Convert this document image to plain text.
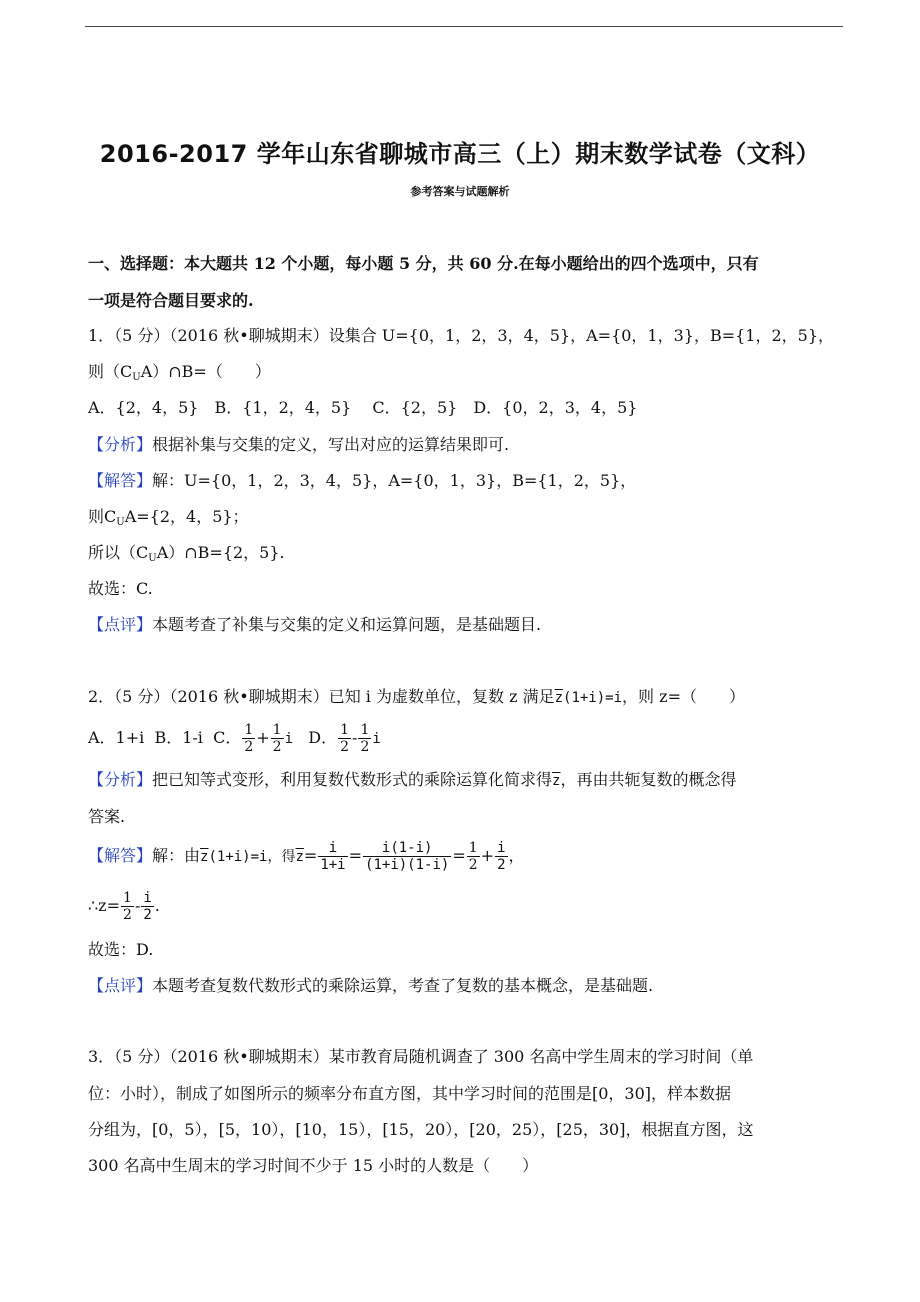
2016-2017 学年山东省聊城市高三（上）期末数学试卷（文科）
参考答案与试题解析
一、选择题：本大题共 12 个小题，每小题 5 分，共 60 分.在每小题给出的四个选项中，只有
一项是符合题目要求的.
1．（5 分）（2016 秋•聊城期末）设集合 U={0，1，2，3，4，5}，A={0，1，3}，B={1，2，5}，
则$(C_UA)\cap B=$（　　）
A．{2，4，5}　B．{1，2，4，5}　 C．{2，5}　D．{0，2，3，4，5}
【分析】根据补集与交集的定义，写出对应的运算结果即可.
【解答】解：U={0，1，2，3，4，5}，A={0，1，3}，B={1，2，5}，
则$C_UA=\{2$，4，5}；
所以$(C_UA)\cap B=\{2$，5}.
故选：C.
【点评】本题考查了补集与交集的定义和运算问题，是基础题目.
2．（5 分）（2016 秋•聊城期末）已知 i 为虚数单位，复数 z 满足$\overline{z}(1+i)=i$，则 z=（　　）
A．1+i B．1-i C． $\frac{1}{2} + \frac{1}{2}$ i D． $\frac{1}{2} - \frac{1}{2}$ i
【分析】把已知等式变形，利用复数代数形式的乘除运算化简求得$\overline{z}$，再由共轭复数的概念得
答案.
【解答】解：由$\overline{z}(1+i)=i$，得$\overline{z}= \frac{i}{1+i} = \frac{i(1-i)}{(1+i)(1-i)} = \frac{1}{2} + \frac{i}{2}$ ，
∴z= $\frac{1}{2} - \frac{i}{2}$ .
故选：D.
【点评】本题考查复数代数形式的乘除运算，考查了复数的基本概念，是基础题.
3．（5 分）（2016 秋•聊城期末）某市教育局随机调查了 300 名高中学生周末的学习时间（单
位：小时），制成了如图所示的频率分布直方图，其中学习时间的范围是[0，30]，样本数据
分组为，[0，5），[5，10），[10，15），[15，20），[20，25），[25，30]，根据直方图，这
300 名高中生周末的学习时间不少于 15 小时的人数是（　　）
